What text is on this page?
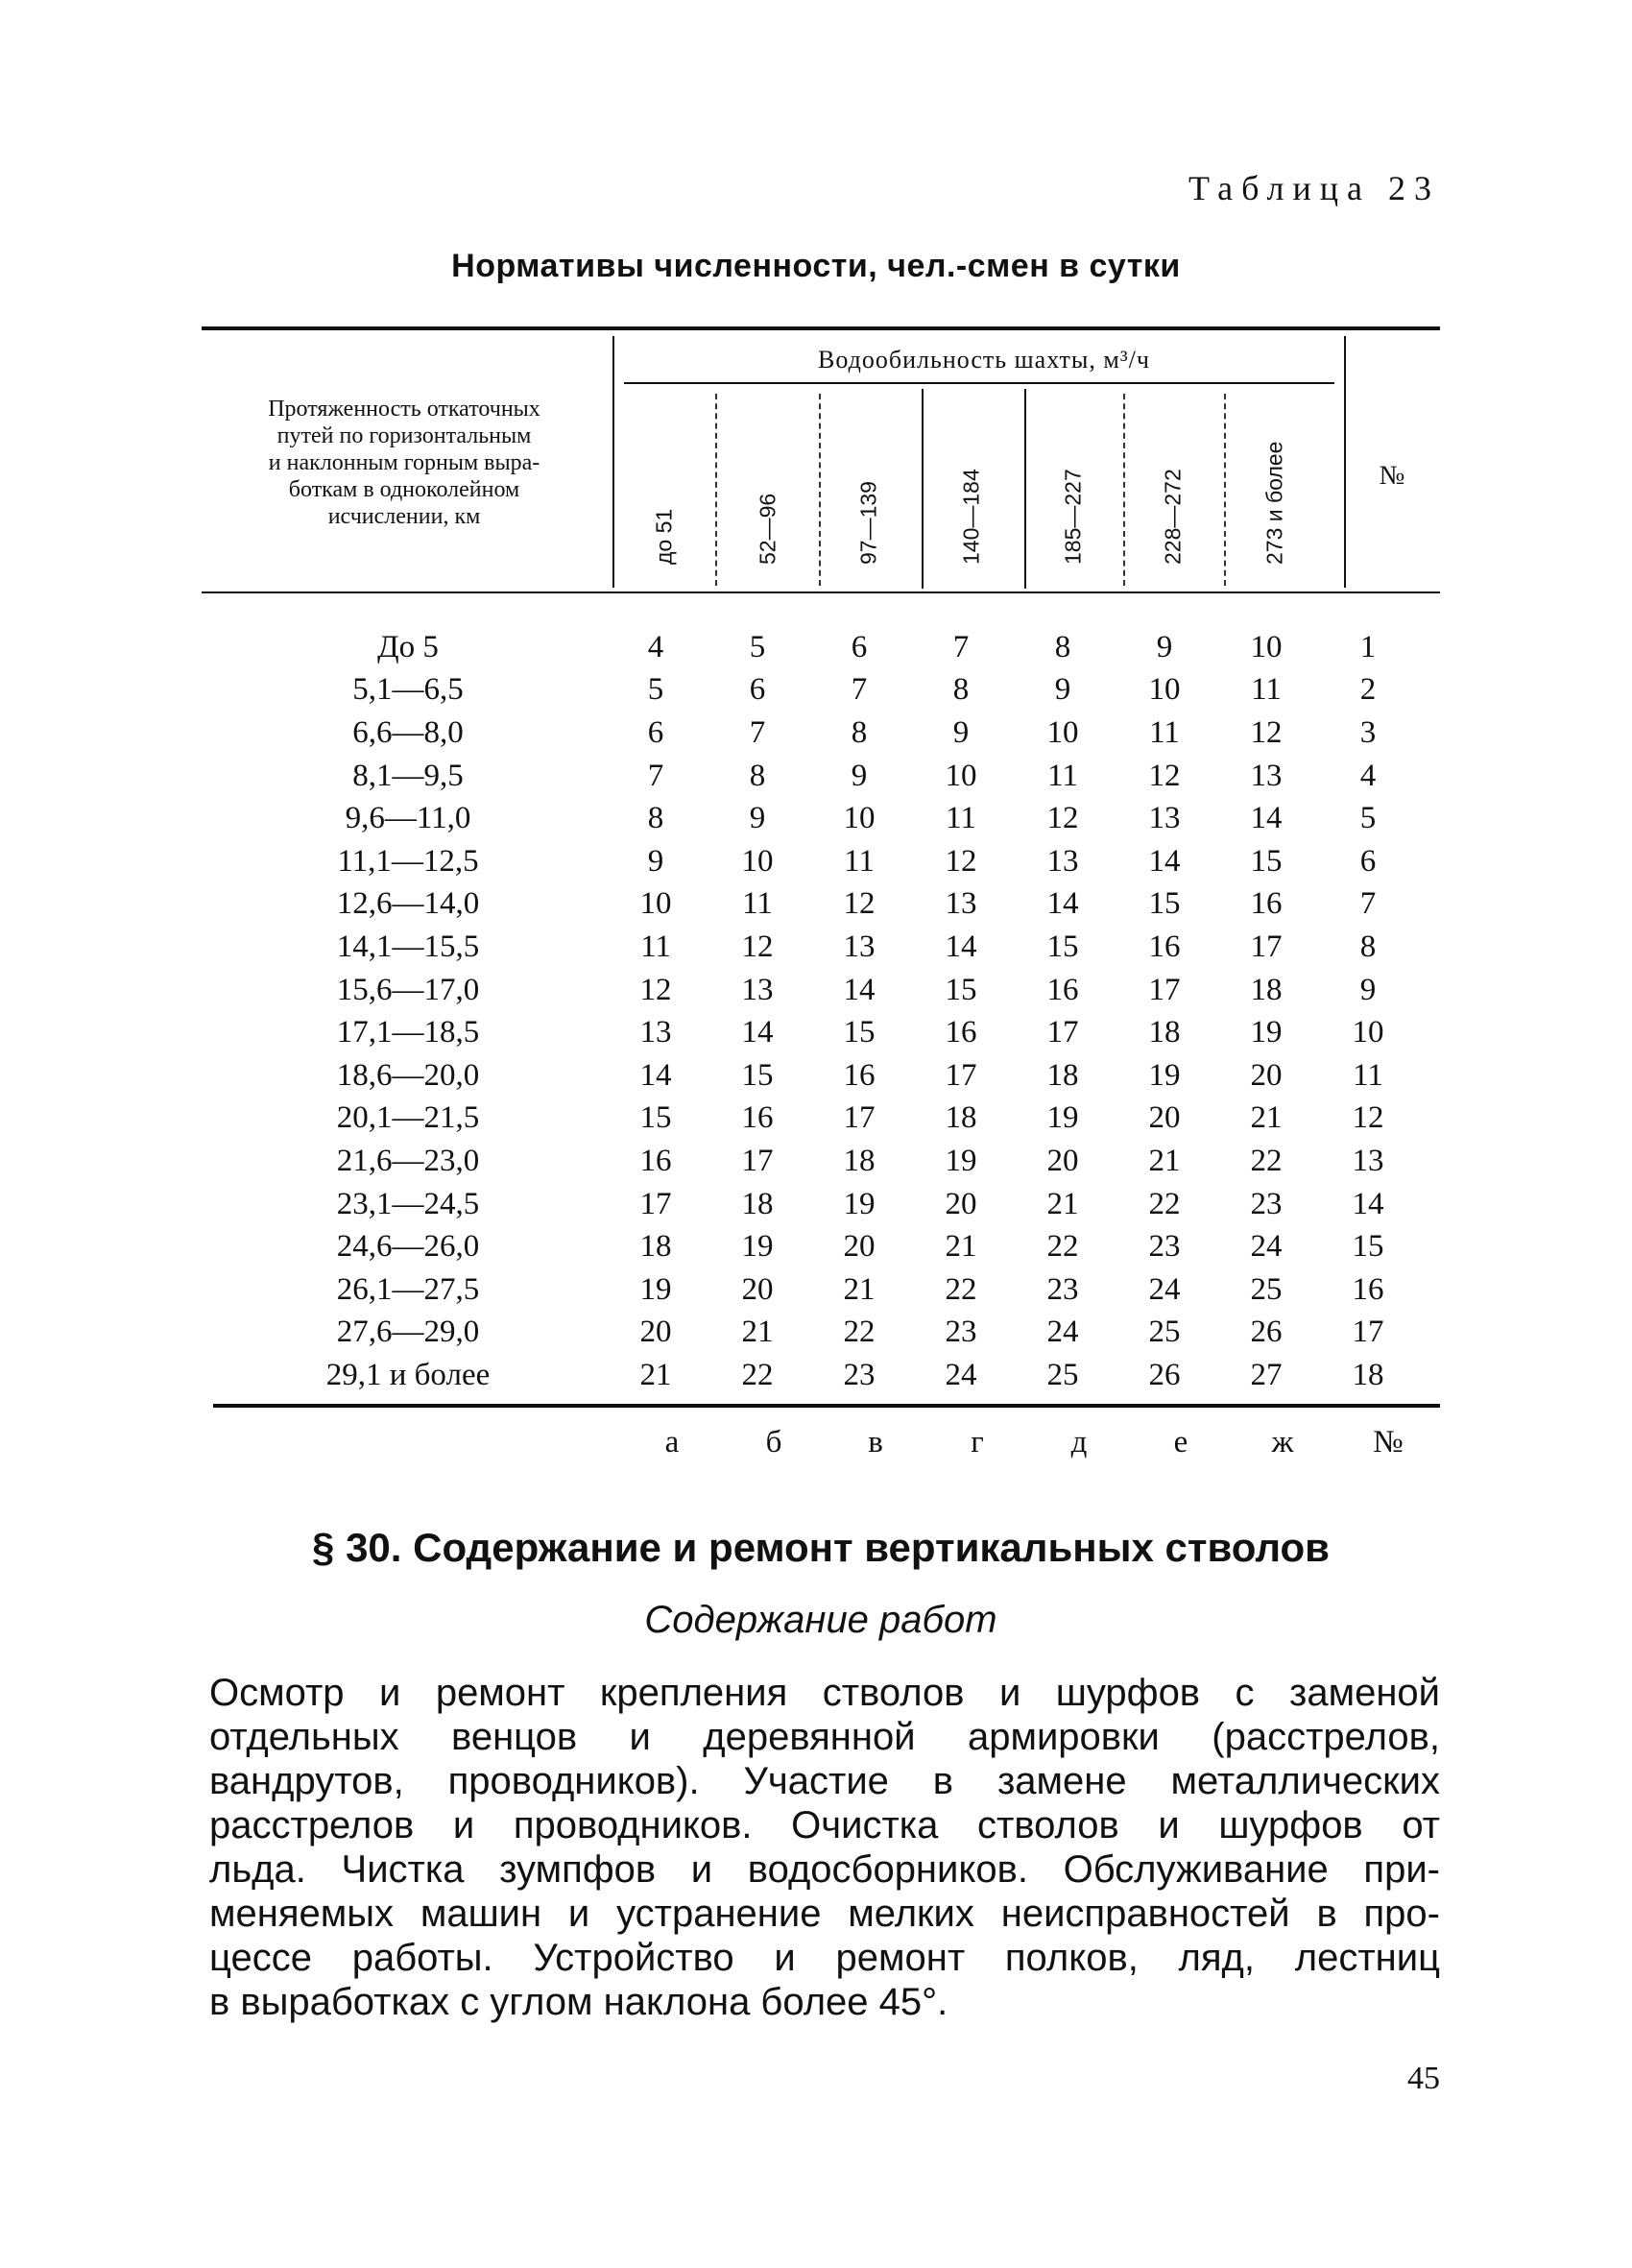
Таблица 23
Нормативы численности, чел.-смен в сутки
Протяженность откаточных
путей по горизонтальным
и наклонным горным выра-
боткам в одноколейном
исчислении, км
Водообильность шахты, м³/ч
до 51	52—96	97—139	140—184	185—227	228—272	273 и более	№
До 5	4	5	6	7	8	9	10	1
5,1—6,5	5	6	7	8	9	10	11	2
6,6—8,0	6	7	8	9	10	11	12	3
8,1—9,5	7	8	9	10	11	12	13	4
9,6—11,0	8	9	10	11	12	13	14	5
11,1—12,5	9	10	11	12	13	14	15	6
12,6—14,0	10	11	12	13	14	15	16	7
14,1—15,5	11	12	13	14	15	16	17	8
15,6—17,0	12	13	14	15	16	17	18	9
17,1—18,5	13	14	15	16	17	18	19	10
18,6—20,0	14	15	16	17	18	19	20	11
20,1—21,5	15	16	17	18	19	20	21	12
21,6—23,0	16	17	18	19	20	21	22	13
23,1—24,5	17	18	19	20	21	22	23	14
24,6—26,0	18	19	20	21	22	23	24	15
26,1—27,5	19	20	21	22	23	24	25	16
27,6—29,0	20	21	22	23	24	25	26	17
29,1 и более	21	22	23	24	25	26	27	18
а	б	в	г	д	е	ж	№
§ 30. Содержание и ремонт вертикальных стволов
Содержание работ
Осмотр и ремонт крепления стволов и шурфов с заменой
отдельных венцов и деревянной армировки (расстрелов,
вандрутов, проводников). Участие в замене металлических
расстрелов и проводников. Очистка стволов и шурфов от
льда. Чистка зумпфов и водосборников. Обслуживание при-
меняемых машин и устранение мелких неисправностей в про-
цессе работы. Устройство и ремонт полков, ляд, лестниц
в выработках с углом наклона более 45°.
45
